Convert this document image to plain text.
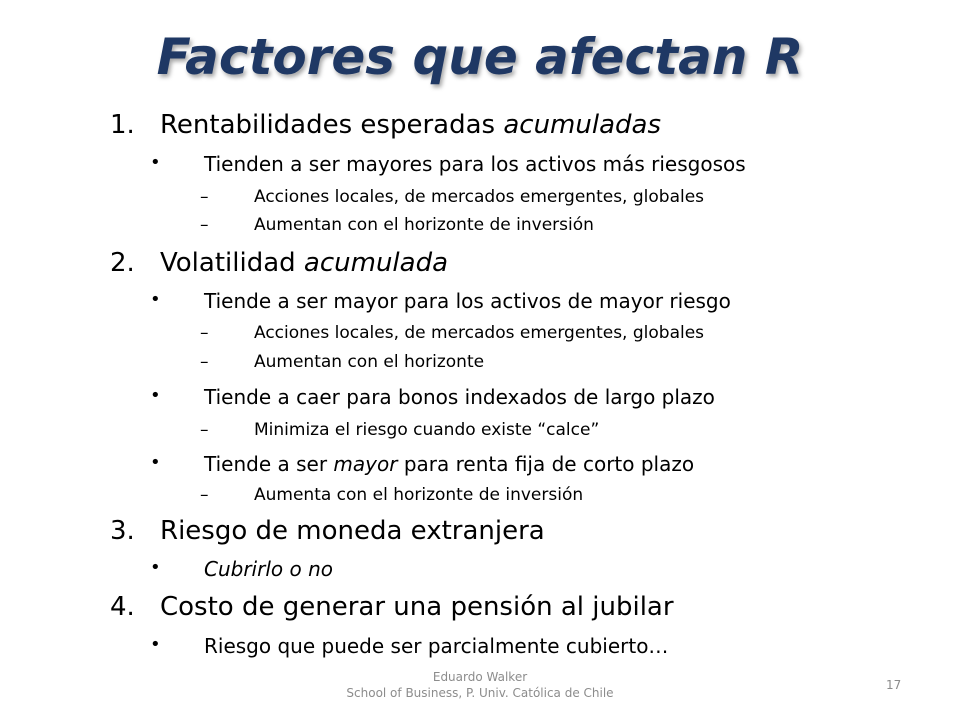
Factores que afectan R
1. Rentabilidades esperadas acumuladas
• Tienden a ser mayores para los activos más riesgosos
–	Acciones locales, de mercados emergentes, globales
–	Aumentan con el horizonte de inversión
2. Volatilidad acumulada
• Tiende a ser mayor para los activos de mayor riesgo
–	Acciones locales, de mercados emergentes, globales
–	Aumentan con el horizonte
• Tiende a caer para bonos indexados de largo plazo
–	Minimiza el riesgo cuando existe “calce”
• Tiende a ser mayor para renta fija de corto plazo
–	Aumenta con el horizonte de inversión
3. Riesgo de moneda extranjera
• Cubrirlo o no
4. Costo de generar una pensión al jubilar
• Riesgo que puede ser parcialmente cubierto…
Eduardo Walker
School of Business, P. Univ. Católica de Chile
17
